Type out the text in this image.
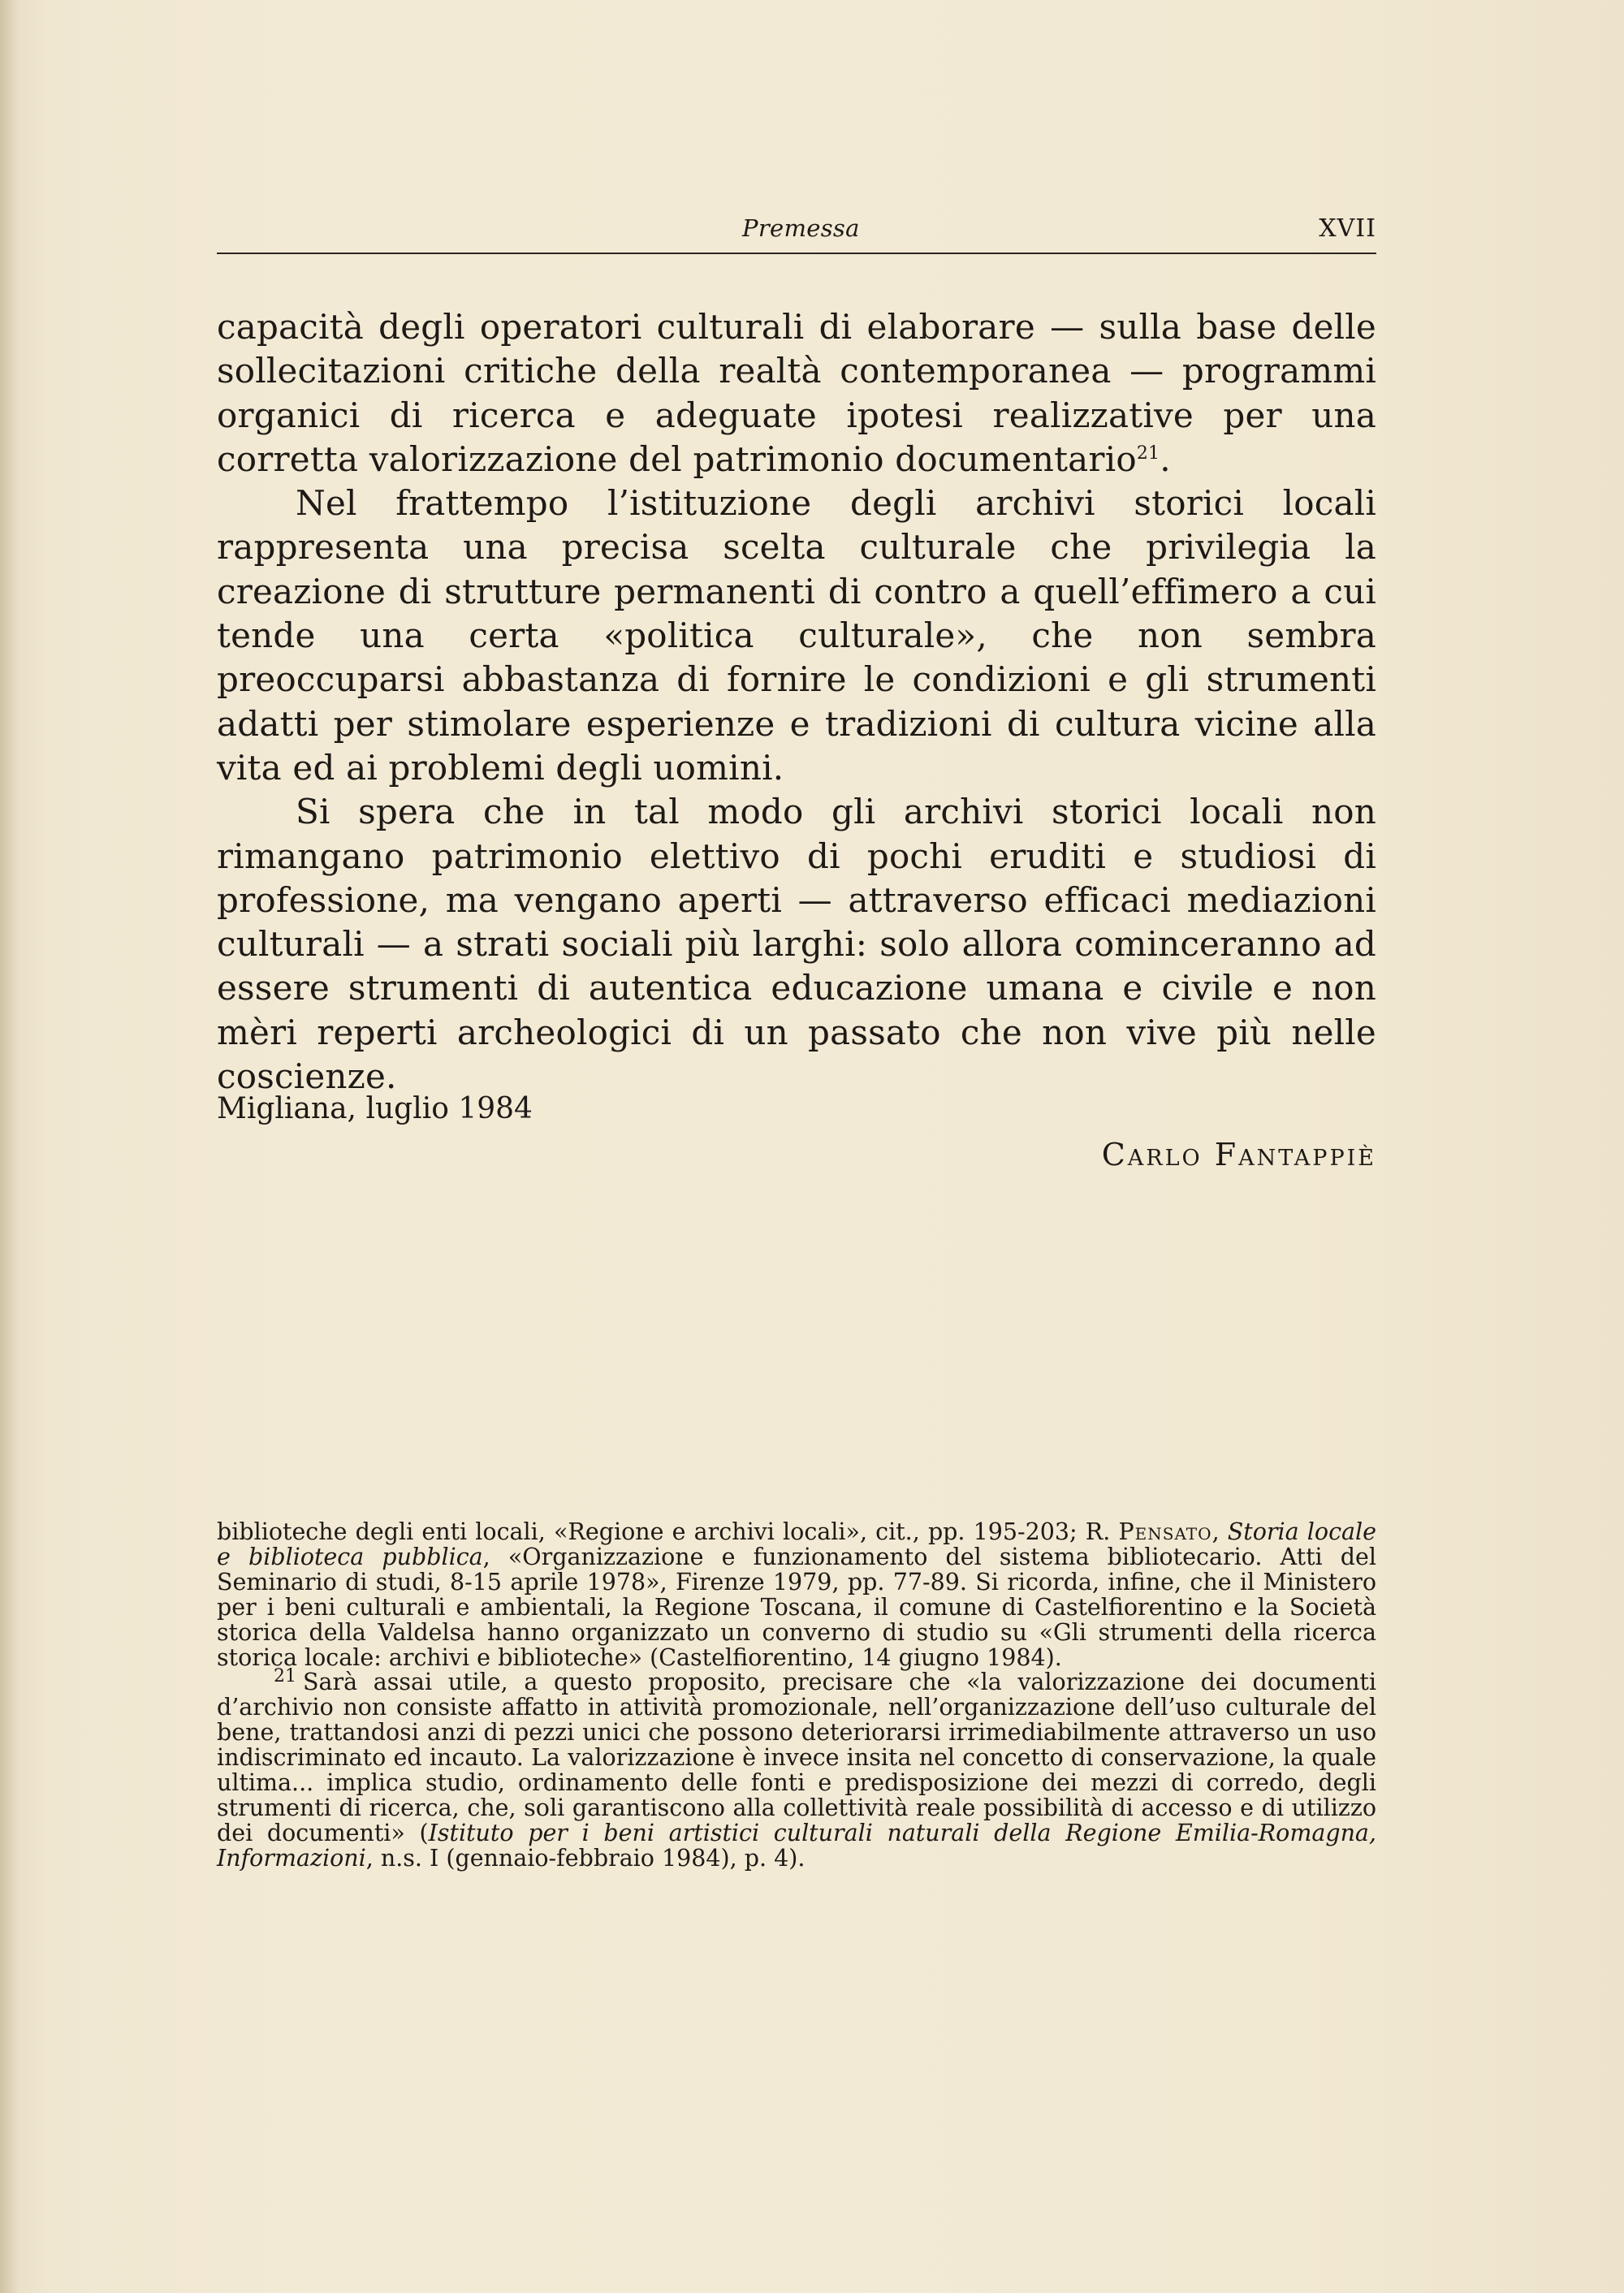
Premessa	XVII

capacità degli operatori culturali di elaborare — sulla base delle sollecitazioni critiche della realtà contemporanea — programmi organici di ricerca e adeguate ipotesi realizzative per una corretta valorizzazione del patrimonio documentario$^{21}$.

Nel frattempo l’istituzione degli archivi storici locali rappresenta una precisa scelta culturale che privilegia la creazione di strutture permanenti di contro a quell’effimero a cui tende una certa «politica culturale», che non sembra preoccuparsi abbastanza di fornire le condizioni e gli strumenti adatti per stimolare esperienze e tradizioni di cultura vicine alla vita ed ai problemi degli uomini.

Si spera che in tal modo gli archivi storici locali non rimangano patrimonio elettivo di pochi eruditi e studiosi di professione, ma vengano aperti — attraverso efficaci mediazioni culturali — a strati sociali più larghi: solo allora cominceranno ad essere strumenti di autentica educazione umana e civile e non mèri reperti archeologici di un passato che non vive più nelle coscienze.

Migliana, luglio 1984
Carlo Fantappiè

biblioteche degli enti locali, «Regione e archivi locali», cit., pp. 195-203; R. Pensato, Storia locale e biblioteca pubblica, «Organizzazione e funzionamento del sistema bibliotecario. Atti del Seminario di studi, 8-15 aprile 1978», Firenze 1979, pp. 77-89. Si ricorda, infine, che il Ministero per i beni culturali e ambientali, la Regione Toscana, il comune di Castelfiorentino e la Società storica della Valdelsa hanno organizzato un converno di studio su «Gli strumenti della ricerca storica locale: archivi e biblioteche» (Castelfiorentino, 14 giugno 1984).

$^{21}$ Sarà assai utile, a questo proposito, precisare che «la valorizzazione dei documenti d’archivio non consiste affatto in attività promozionale, nell’organizzazione dell’uso culturale del bene, trattandosi anzi di pezzi unici che possono deteriorarsi irrimediabilmente attraverso un uso indiscriminato ed incauto. La valorizzazione è invece insita nel concetto di conservazione, la quale ultima... implica studio, ordinamento delle fonti e predisposizione dei mezzi di corredo, degli strumenti di ricerca, che, soli garantiscono alla collettività reale possibilità di accesso e di utilizzo dei documenti» (Istituto per i beni artistici culturali naturali della Regione Emilia-Romagna, Informazioni, n.s. I (gennaio-febbraio 1984), p. 4).
